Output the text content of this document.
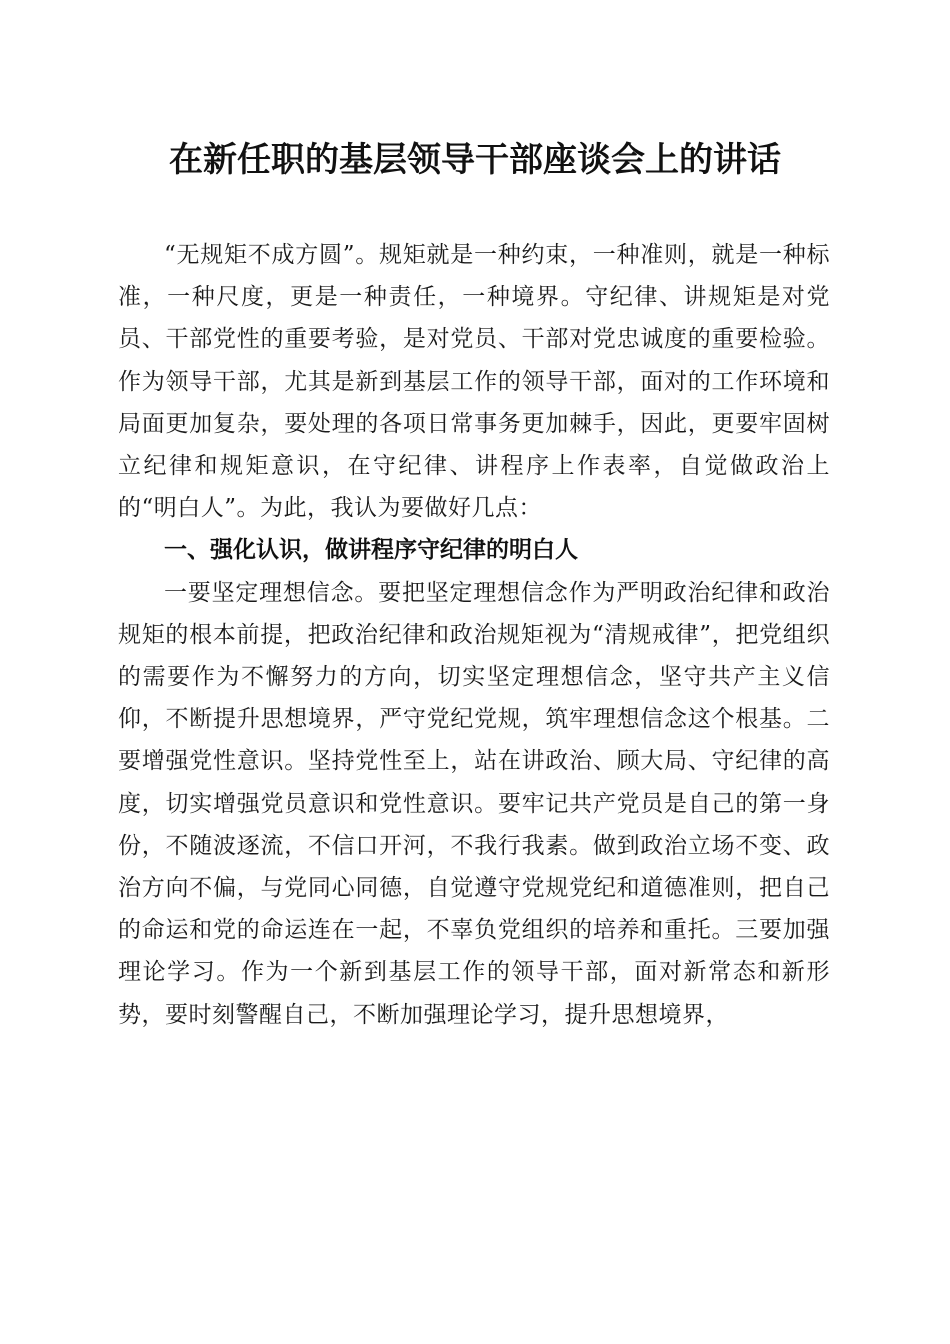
在新任职的基层领导干部座谈会上的讲话

“无规矩不成方圆”。规矩就是一种约束，一种准则，就是一种标准，一种尺度，更是一种责任，一种境界。守纪律、讲规矩是对党员、干部党性的重要考验，是对党员、干部对党忠诚度的重要检验。作为领导干部，尤其是新到基层工作的领导干部，面对的工作环境和局面更加复杂，要处理的各项日常事务更加棘手，因此，更要牢固树立纪律和规矩意识，在守纪律、讲程序上作表率，自觉做政治上的“明白人”。为此，我认为要做好几点：

一、强化认识，做讲程序守纪律的明白人

一要坚定理想信念。要把坚定理想信念作为严明政治纪律和政治规矩的根本前提，把政治纪律和政治规矩视为“清规戒律”，把党组织的需要作为不懈努力的方向，切实坚定理想信念，坚守共产主义信仰，不断提升思想境界，严守党纪党规，筑牢理想信念这个根基。二要增强党性意识。坚持党性至上，站在讲政治、顾大局、守纪律的高度，切实增强党员意识和党性意识。要牢记共产党员是自己的第一身份，不随波逐流，不信口开河，不我行我素。做到政治立场不变、政治方向不偏，与党同心同德，自觉遵守党规党纪和道德准则，把自己的命运和党的命运连在一起，不辜负党组织的培养和重托。三要加强理论学习。作为一个新到基层工作的领导干部，面对新常态和新形势，要时刻警醒自己，不断加强理论学习，提升思想境界，
